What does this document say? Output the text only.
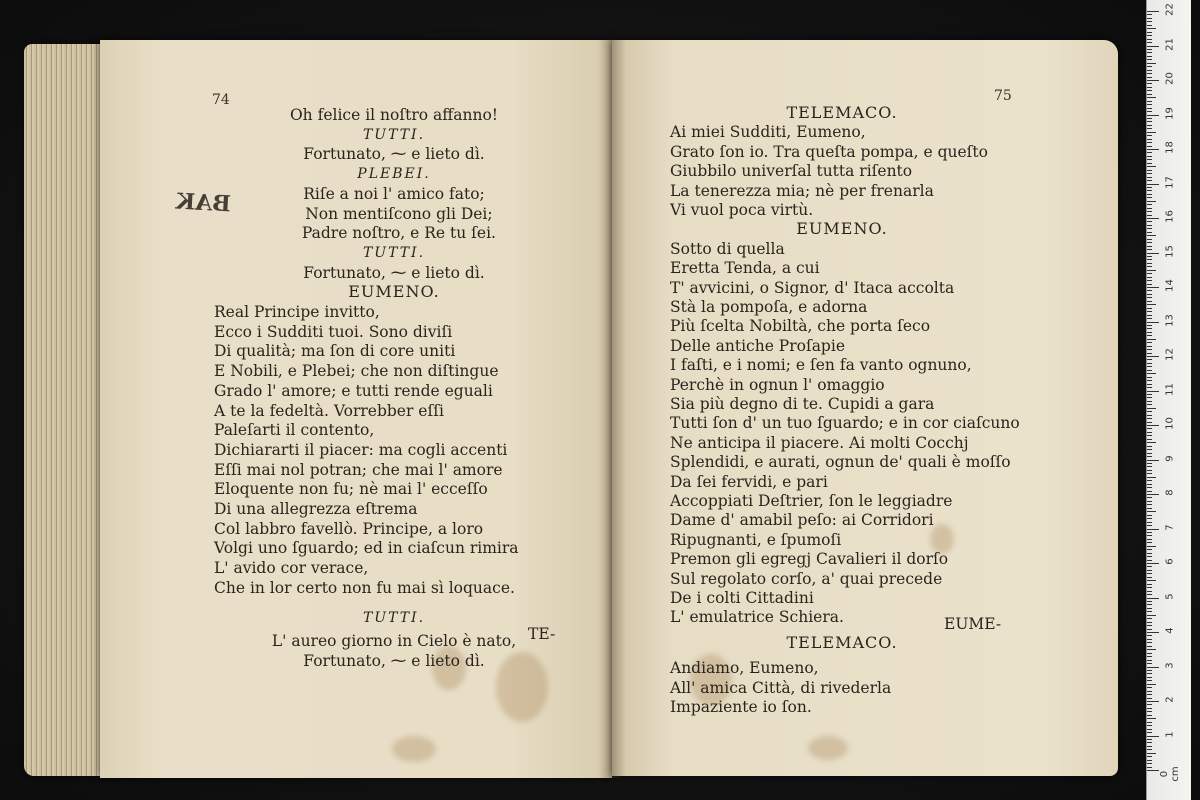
BAK
74	75
Oh felice il noſtro affanno!
TUTTI.
Fortunato, ⁓ e lieto dì.
PLEBEI.
Riſe a noi l' amico fato;
Non mentiſcono gli Dei;
Padre noſtro, e Re tu ſei.
TUTTI.
Fortunato, ⁓ e lieto dì.
EUMENO.
Real Principe invitto,
Ecco i Sudditi tuoi. Sono diviſi
Di qualità; ma ſon di core uniti
E Nobili, e Plebei; che non diſtingue
Grado l' amore; e tutti rende eguali
A te la fedeltà. Vorrebber eſſi
Paleſarti il contento,
Dichiararti il piacer: ma cogli accenti
Eſſi mai nol potran; che mai l' amore
Eloquente non fu; nè mai l' ecceſſo
Di una allegrezza eſtrema
Col labbro favellò. Principe, a loro
Volgi uno ſguardo; ed in ciaſcun rimira
L' avido cor verace,
Che in lor certo non fu mai sì loquace.
TUTTI.
L' aureo giorno in Cielo è nato,
Fortunato, ⁓ e lieto dì.
TELEMACO.
Ai miei Sudditi, Eumeno,
Grato ſon io. Tra queſta pompa, e queſto
Giubbilo univerſal tutta riſento
La tenerezza mia; nè per frenarla
Vi vuol poca virtù.
EUMENO.
Sotto di quella
Eretta Tenda, a cui
T' avvicini, o Signor, d' Itaca accolta
Stà la pompoſa, e adorna
Più ſcelta Nobiltà, che porta ſeco
Delle antiche Proſapie
I faſti, e i nomi; e ſen fa vanto ognuno,
Perchè in ognun l' omaggio
Sia più degno di te. Cupidi a gara
Tutti ſon d' un tuo ſguardo; e in cor ciaſcuno
Ne anticipa il piacere. Ai molti Cocchj
Splendidi, e aurati, ognun de' quali è moſſo
Da ſei fervidi, e pari
Accoppiati Deſtrier, ſon le leggiadre
Dame d' amabil peſo: ai Corridori
Ripugnanti, e ſpumoſi
Premon gli egregj Cavalieri il dorſo
Sul regolato corſo, a' quai precede
De i colti Cittadini
L' emulatrice Schiera.
TELEMACO.
Andiamo, Eumeno,
All' amica Città, di rivederla
Impaziente io ſon.
TE-
EUME-
0 cm
1
2
3
4
5
6
7
8
9
10
11
12
13
14
15
16
17
18
19
20
21
22
